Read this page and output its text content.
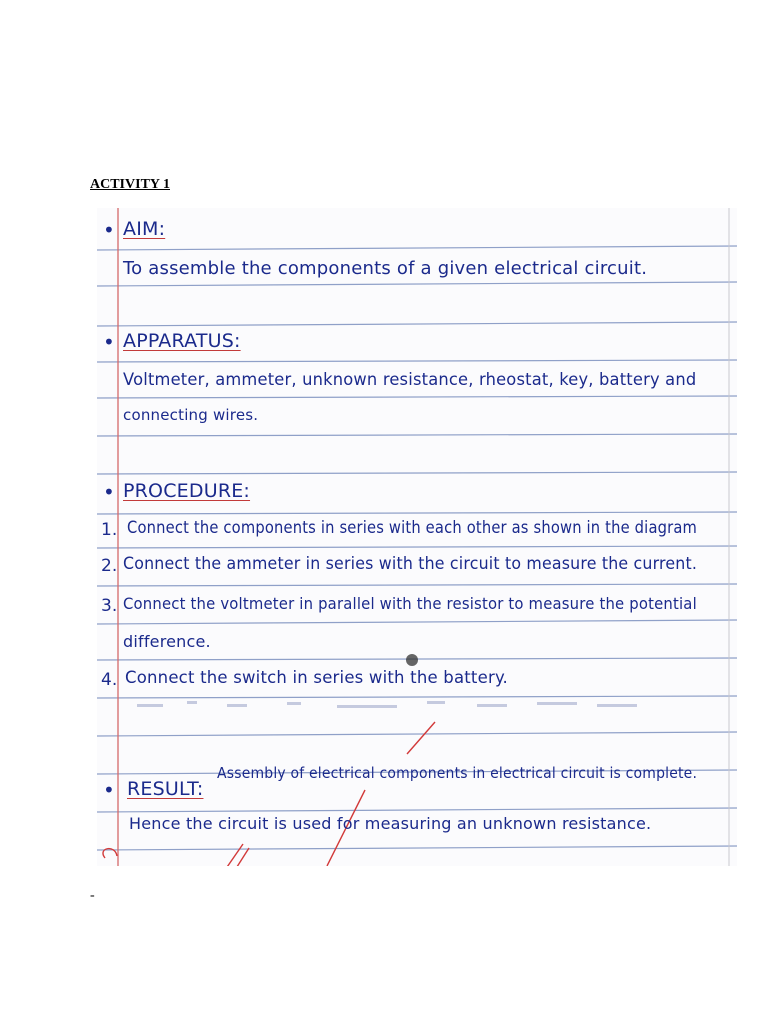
ACTIVITY 1
• AIM:
To assemble the components of a given electrical circuit.
• APPARATUS:
Voltmeter, ammeter, unknown resistance, rheostat, key, battery and
connecting wires.
• PROCEDURE:
1. Connect the components in series with each other as shown in the diagram
2. Connect the ammeter in series with the circuit to measure the current.
3. Connect the voltmeter in parallel with the resistor to measure the potential
difference.
4. Connect the switch in series with the battery.
• RESULT:
Assembly of electrical components in electrical circuit is complete.
Hence the circuit is used for measuring an unknown resistance.
-
